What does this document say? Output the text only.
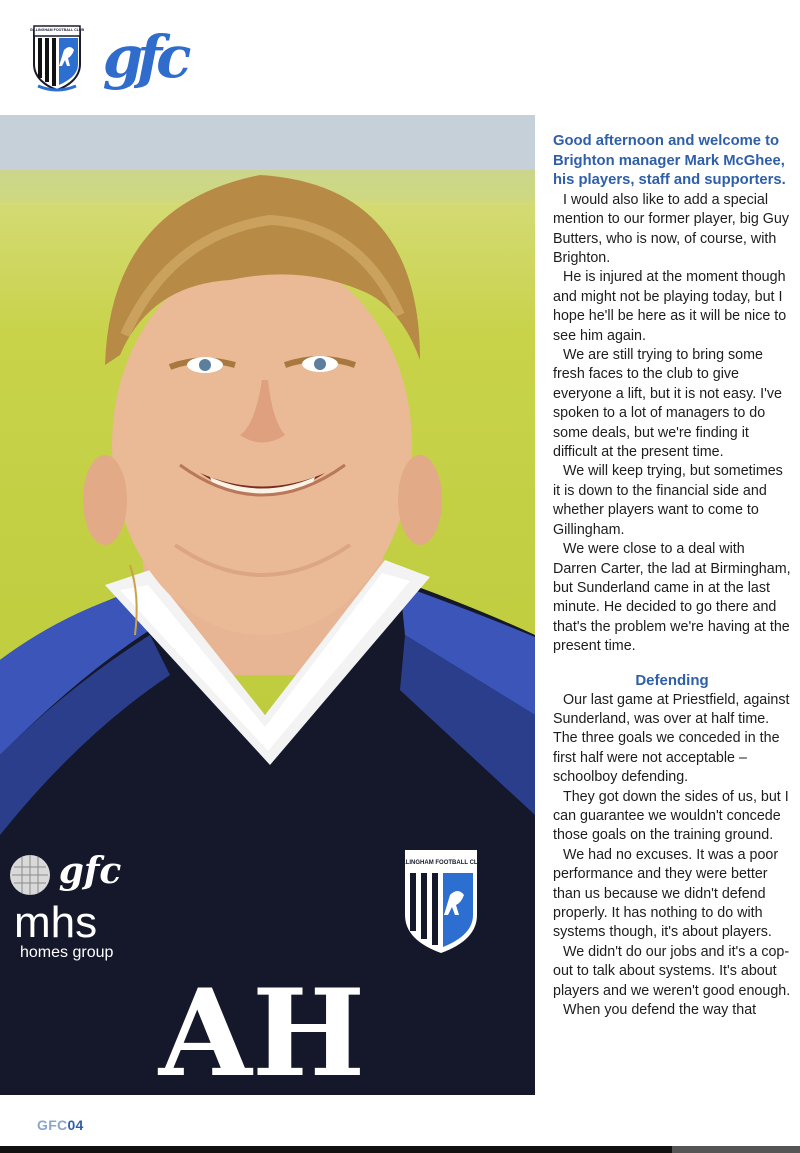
GILLINGHAM FOOTBALL CLUB gfc
gfc
mhs
homes group
GILLINGHAM FOOTBALL CLUB
AH

Good afternoon and welcome to Brighton manager Mark McGhee, his players, staff and supporters.

I would also like to add a special mention to our former player, big Guy Butters, who is now, of course, with Brighton.

He is injured at the moment though and might not be playing today, but I hope he'll be here as it will be nice to see him again.

We are still trying to bring some fresh faces to the club to give everyone a lift, but it is not easy. I've spoken to a lot of managers to do some deals, but we're finding it difficult at the present time.

We will keep trying, but sometimes it is down to the financial side and whether players want to come to Gillingham.

We were close to a deal with Darren Carter, the lad at Birmingham, but Sunderland came in at the last minute. He decided to go there and that's the problem we're having at the present time.

Defending

Our last game at Priestfield, against Sunderland, was over at half time. The three goals we conceded in the first half were not acceptable – schoolboy defending.

They got down the sides of us, but I can guarantee we wouldn't concede those goals on the training ground.

We had no excuses. It was a poor performance and they were better than us because we didn't defend properly. It has nothing to do with systems though, it's about players.

We didn't do our jobs and it's a cop-out to talk about systems. It's about players and we weren't good enough.

When you defend the way that

GFC04
